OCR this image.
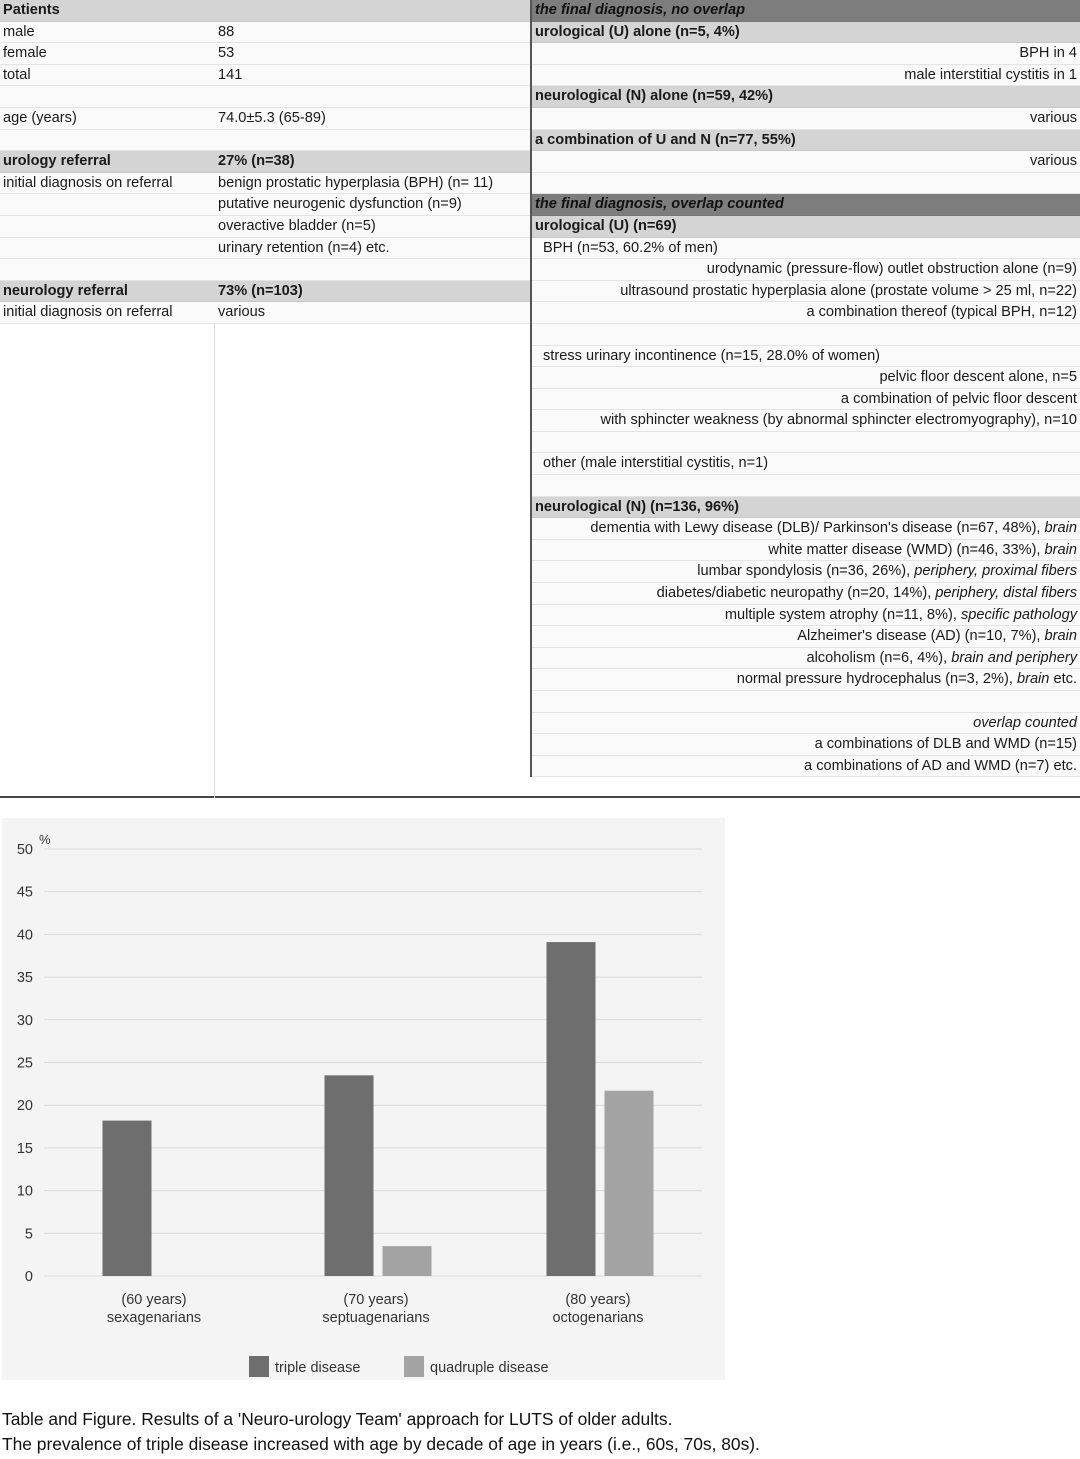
Patients
male	88
female	53
total	141
age (years)	74.0±5.3 (65-89)
urology referral	27% (n=38)
initial diagnosis on referral	benign prostatic hyperplasia (BPH) (n= 11)
putative neurogenic dysfunction (n=9)
overactive bladder (n=5)
urinary retention (n=4) etc.
neurology referral	73% (n=103)
initial diagnosis on referral	various
the final diagnosis, no overlap
urological (U) alone (n=5, 4%)
BPH in 4
male interstitial cystitis in 1
neurological (N) alone (n=59, 42%)
various
a combination of U and N (n=77, 55%)
various
the final diagnosis, overlap counted
urological (U) (n=69)
BPH (n=53, 60.2% of men)
urodynamic (pressure-flow) outlet obstruction alone (n=9)
ultrasound prostatic hyperplasia alone (prostate volume > 25 ml, n=22)
a combination thereof (typical BPH, n=12)
stress urinary incontinence (n=15, 28.0% of women)
pelvic floor descent alone, n=5
a combination of pelvic floor descent
with sphincter weakness (by abnormal sphincter electromyography), n=10
other (male interstitial cystitis, n=1)
neurological (N) (n=136, 96%)
dementia with Lewy disease (DLB)/ Parkinson's disease (n=67, 48%), brain
white matter disease (WMD) (n=46, 33%), brain
lumbar spondylosis (n=36, 26%), periphery, proximal fibers
diabetes/diabetic neuropathy (n=20, 14%), periphery, distal fibers
multiple system atrophy (n=11, 8%), specific pathology
Alzheimer's disease (AD) (n=10, 7%), brain
alcoholism (n=6, 4%), brain and periphery
normal pressure hydrocephalus (n=3, 2%), brain etc.
overlap counted
a combinations of DLB and WMD (n=15)
a combinations of AD and WMD (n=7) etc.
0
5
10
15
20
25
30
35
40
45
50
%
(60 years)
sexagenarians
(70 years)
septuagenarians
(80 years)
octogenarians
triple disease	quadruple disease

Table and Figure. Results of a 'Neuro-urology Team' approach for LUTS of older adults.

The prevalence of triple disease increased with age by decade of age in years (i.e., 60s, 70s, 80s).
